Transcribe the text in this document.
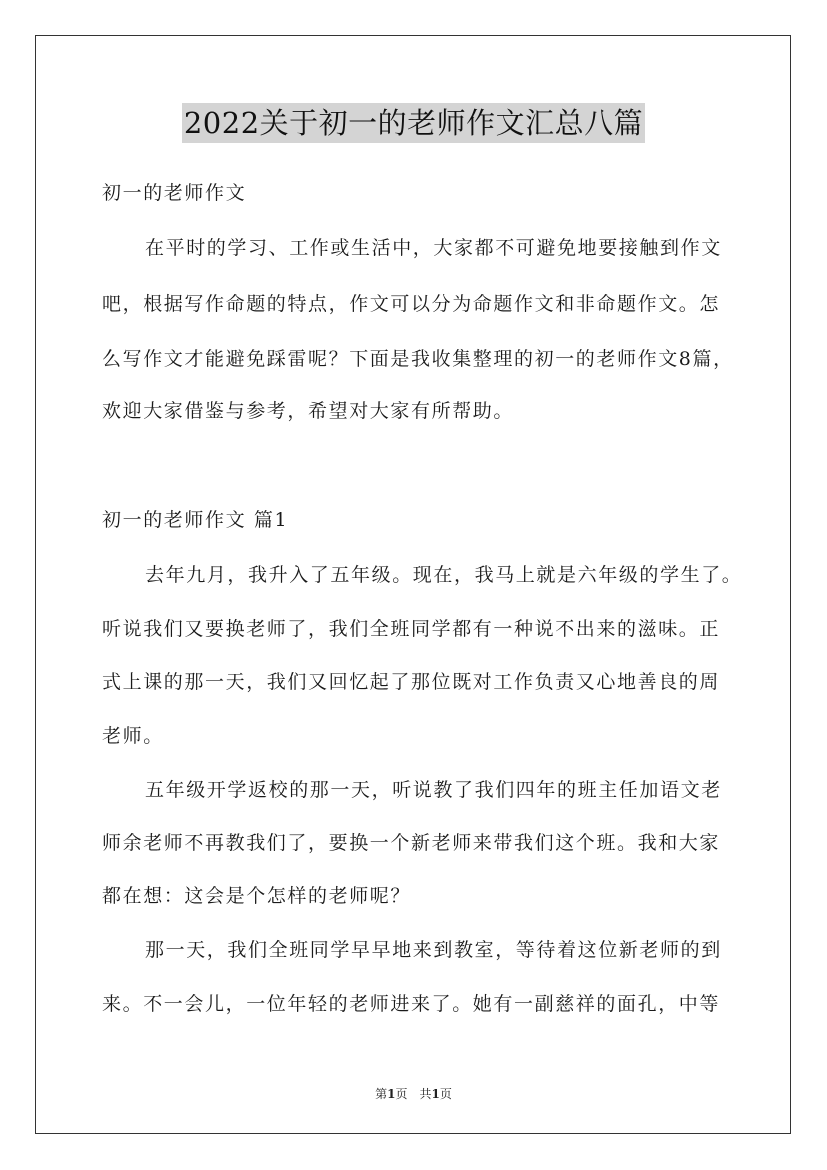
2022关于初一的老师作文汇总八篇
初一的老师作文
在平时的学习、工作或生活中，大家都不可避免地要接触到作文
吧，根据写作命题的特点，作文可以分为命题作文和非命题作文。怎
么写作文才能避免踩雷呢？下面是我收集整理的初一的老师作文8篇，
欢迎大家借鉴与参考，希望对大家有所帮助。
初一的老师作文 篇1
去年九月，我升入了五年级。现在，我马上就是六年级的学生了。
听说我们又要换老师了，我们全班同学都有一种说不出来的滋味。正
式上课的那一天，我们又回忆起了那位既对工作负责又心地善良的周
老师。
五年级开学返校的那一天，听说教了我们四年的班主任加语文老
师余老师不再教我们了，要换一个新老师来带我们这个班。我和大家
都在想：这会是个怎样的老师呢？
那一天，我们全班同学早早地来到教室，等待着这位新老师的到
来。不一会儿，一位年轻的老师进来了。她有一副慈祥的面孔，中等
第1页　共1页
